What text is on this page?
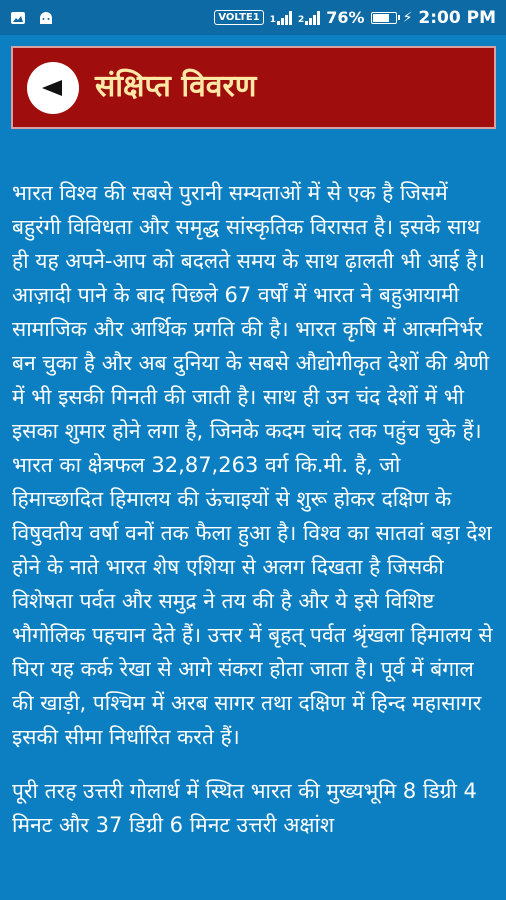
VOLTE1	1 2 76%	⚡ 2:00 PM
संक्षिप्त विवरण

भारत विश्व की सबसे पुरानी सम्यताओं में से एक है जिसमें बहुरंगी विविधता और समृद्ध सांस्कृतिक विरासत है। इसके साथ ही यह अपने-आप को बदलते समय के साथ ढ़ालती भी आई है। आज़ादी पाने के बाद पिछले 67 वर्षों में भारत ने बहुआयामी सामाजिक और आर्थिक प्रगति की है। भारत कृषि में आत्मनिर्भर बन चुका है और अब दुनिया के सबसे औद्योगीकृत देशों की श्रेणी में भी इसकी गिनती की जाती है। साथ ही उन चंद देशों में भी इसका शुमार होने लगा है, जिनके कदम चांद तक पहुंच चुके हैं। भारत का क्षेत्रफल 32,87,263 वर्ग कि.मी. है, जो हिमाच्छादित हिमालय की ऊंचाइयों से शुरू होकर दक्षिण के विषुवतीय वर्षा वनों तक फैला हुआ है। विश्व का सातवां बड़ा देश होने के नाते भारत शेष एशिया से अलग दिखता है जिसकी विशेषता पर्वत और समुद्र ने तय की है और ये इसे विशिष्ट भौगोलिक पहचान देते हैं। उत्तर में बृहत् पर्वत श्रृंखला हिमालय से घिरा यह कर्क रेखा से आगे संकरा होता जाता है। पूर्व में बंगाल की खाड़ी, पश्चिम में अरब सागर तथा दक्षिण में हिन्द महासागर इसकी सीमा निर्धारित करते हैं।

पूरी तरह उत्तरी गोलार्ध में स्थित भारत की मुख्यभूमि 8 डिग्री 4 मिनट और 37 डिग्री 6 मिनट उत्तरी अक्षांश
